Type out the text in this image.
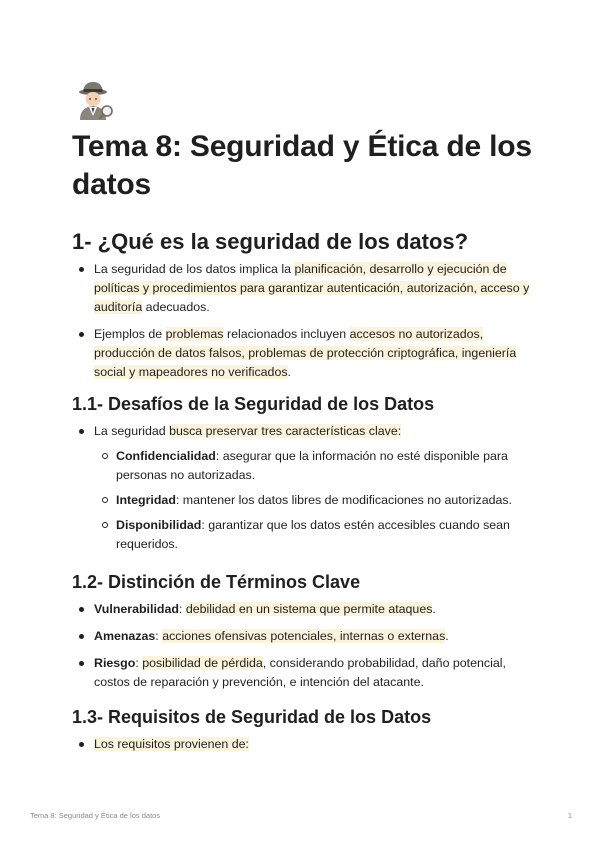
Tema 8: Seguridad y Ética de los datos
1- ¿Qué es la seguridad de los datos?
La seguridad de los datos implica la planificación, desarrollo y ejecución de políticas y procedimientos para garantizar autenticación, autorización, acceso y auditoría adecuados.
Ejemplos de problemas relacionados incluyen accesos no autorizados, producción de datos falsos, problemas de protección criptográfica, ingeniería social y mapeadores no verificados.
1.1- Desafíos de la Seguridad de los Datos
La seguridad busca preservar tres características clave:
Confidencialidad: asegurar que la información no esté disponible para personas no autorizadas.
Integridad: mantener los datos libres de modificaciones no autorizadas.
Disponibilidad: garantizar que los datos estén accesibles cuando sean requeridos.
1.2- Distinción de Términos Clave
Vulnerabilidad: debilidad en un sistema que permite ataques.
Amenazas: acciones ofensivas potenciales, internas o externas.
Riesgo: posibilidad de pérdida, considerando probabilidad, daño potencial, costos de reparación y prevención, e intención del atacante.
1.3- Requisitos de Seguridad de los Datos
Los requisitos provienen de:
Tema 8: Seguridad y Ética de los datos	1
